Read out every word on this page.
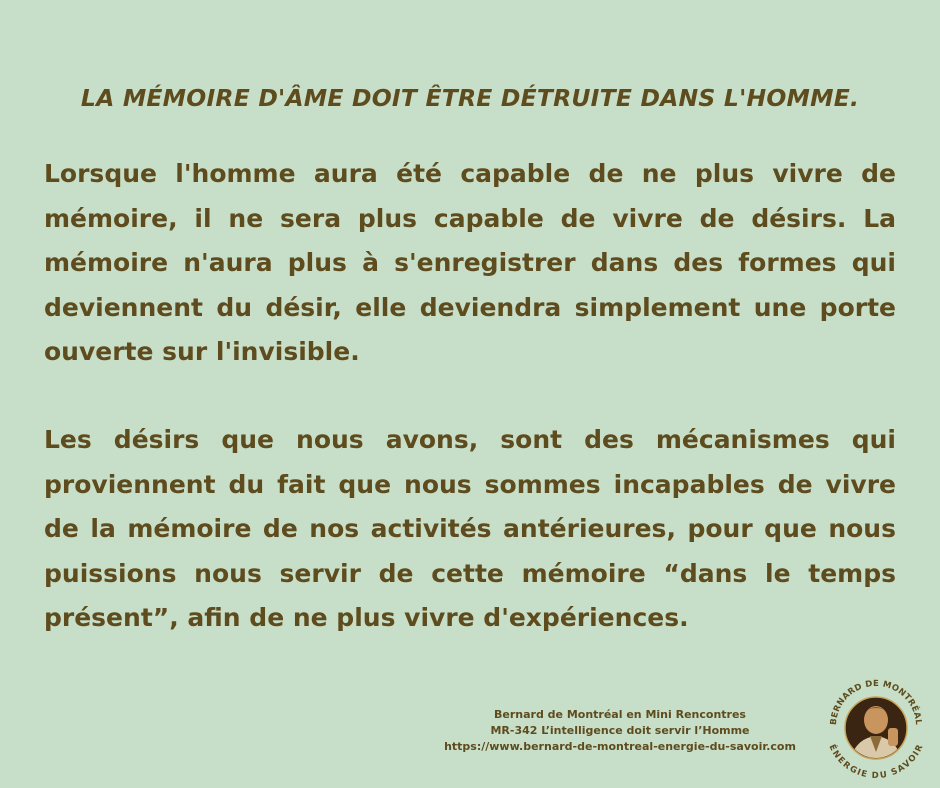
LA MÉMOIRE D'ÂME DOIT ÊTRE DÉTRUITE DANS L'HOMME.
Lorsque l'homme aura été capable de ne plus vivre de mémoire, il ne sera plus capable de vivre de désirs. La mémoire n'aura plus à s'enregistrer dans des formes qui deviennent du désir, elle deviendra simplement une porte ouverte sur l'invisible.
Les désirs que nous avons, sont des mécanismes qui proviennent du fait que nous sommes incapables de vivre de la mémoire de nos activités antérieures, pour que nous puissions nous servir de cette mémoire “dans le temps présent”, afin de ne plus vivre d'expériences.
Bernard de Montréal en Mini Rencontres
MR-342 L’intelligence doit servir l’Homme
https://www.bernard-de-montreal-energie-du-savoir.com
BERNARD DE MONTRÉAL
ÉNERGIE DU SAVOIR
